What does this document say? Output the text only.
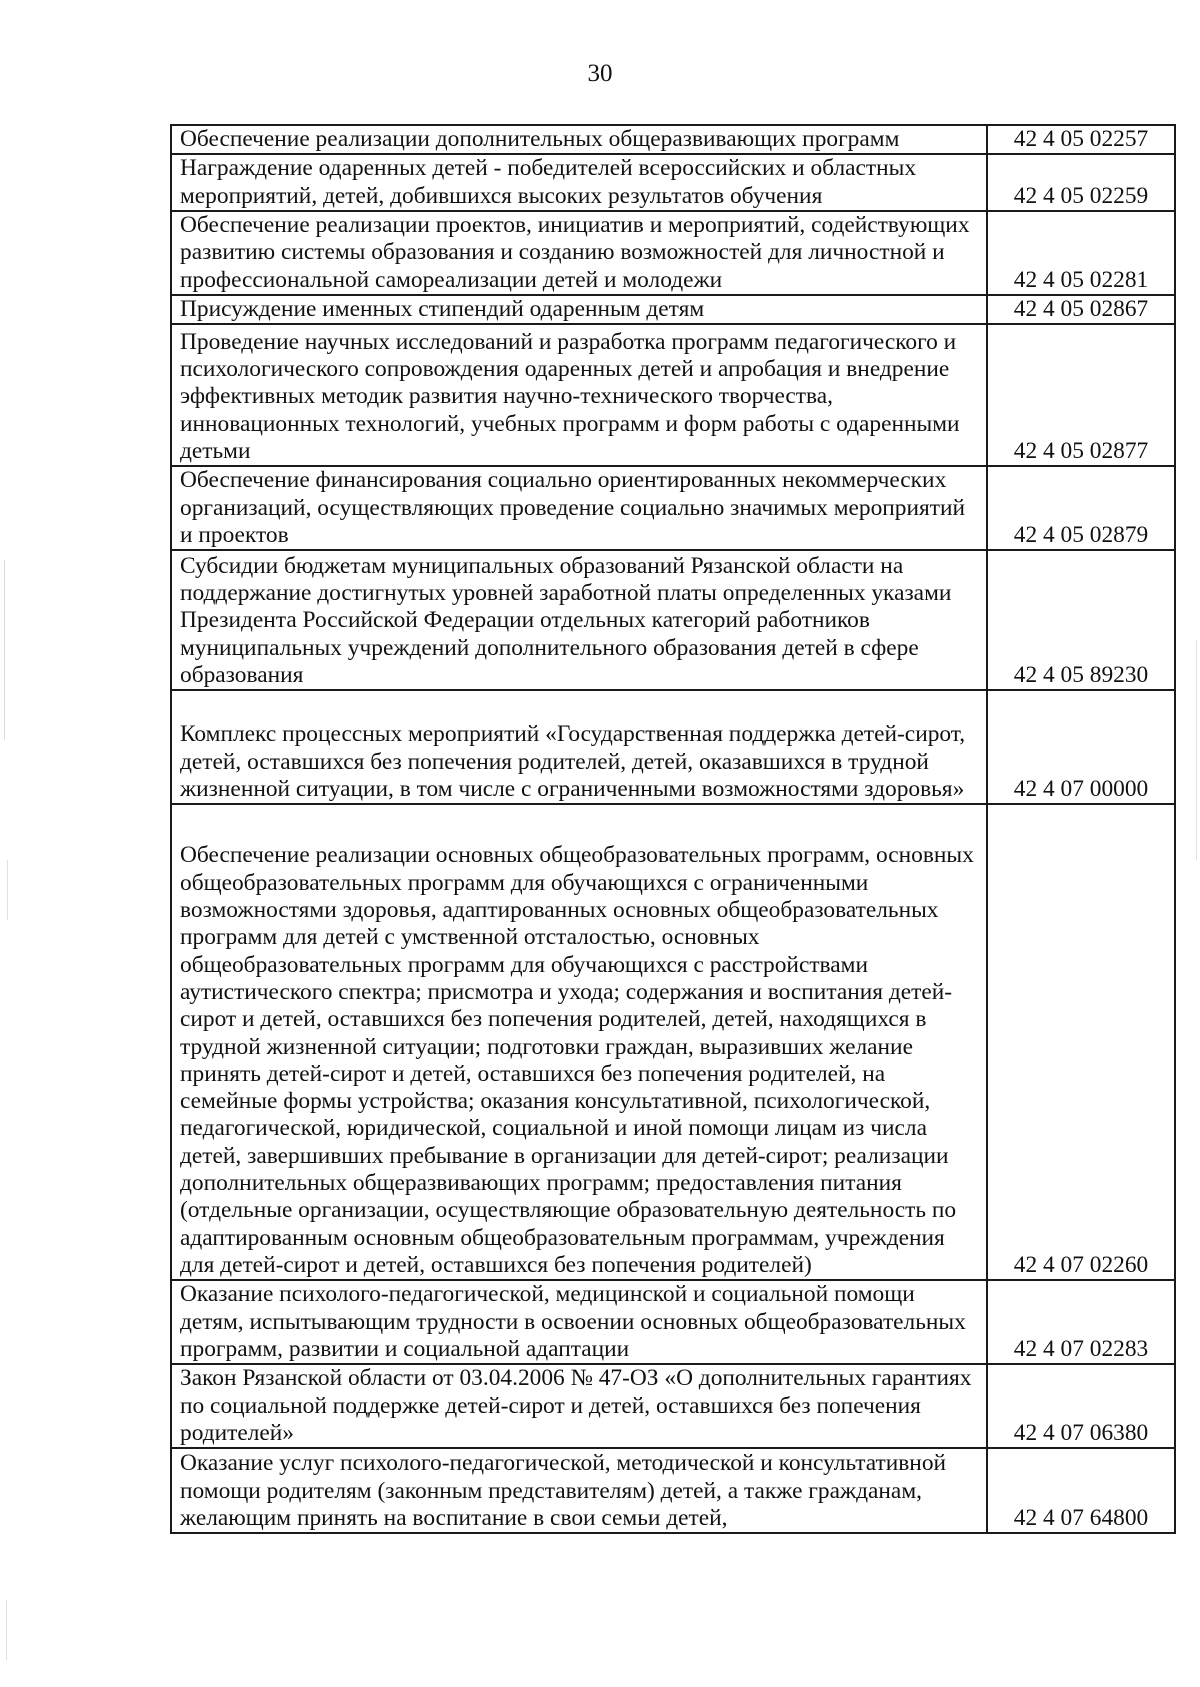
30
Обеспечение реализации дополнительных общеразвивающих программ	42 4 05 02257
Награждение одаренных детей - победителей всероссийских и областных мероприятий, детей, добившихся высоких результатов обучения	42 4 05 02259
Обеспечение реализации проектов, инициатив и мероприятий, содействующих развитию системы образования и созданию возможностей для личностной и профессиональной самореализации детей и молодежи	42 4 05 02281
Присуждение именных стипендий одаренным детям	42 4 05 02867
Проведение научных исследований и разработка программ педагогического и психологического сопровождения одаренных детей и апробация и внедрение эффективных методик развития научно-технического творчества, инновационных технологий, учебных программ и форм работы с одаренными детьми	42 4 05 02877
Обеспечение финансирования социально ориентированных некоммерческих организаций, осуществляющих проведение социально значимых мероприятий и проектов	42 4 05 02879
Субсидии бюджетам муниципальных образований Рязанской области на поддержание достигнутых уровней заработной платы определенных указами Президента Российской Федерации отдельных категорий работников муниципальных учреждений дополнительного образования детей в сфере образования	42 4 05 89230
Комплекс процессных мероприятий «Государственная поддержка детей-сирот, детей, оставшихся без попечения родителей, детей, оказавшихся в трудной жизненной ситуации, в том числе с ограниченными возможностями здоровья»	42 4 07 00000
Обеспечение реализации основных общеобразовательных программ, основных общеобразовательных программ для обучающихся с ограниченными возможностями здоровья, адаптированных основных общеобразовательных программ для детей с умственной отсталостью, основных общеобразовательных программ для обучающихся с расстройствами аутистического спектра; присмотра и ухода; содержания и воспитания детей-сирот и детей, оставшихся без попечения родителей, детей, находящихся в трудной жизненной ситуации; подготовки граждан, выразивших желание принять детей-сирот и детей, оставшихся без попечения родителей, на семейные формы устройства; оказания консультативной, психологической, педагогической, юридической, социальной и иной помощи лицам из числа детей, завершивших пребывание в организации для детей-сирот; реализации дополнительных общеразвивающих программ; предоставления питания (отдельные организации, осуществляющие образовательную деятельность по адаптированным основным общеобразовательным программам, учреждения для детей-сирот и детей, оставшихся без попечения родителей)	42 4 07 02260
Оказание психолого-педагогической, медицинской и социальной помощи детям, испытывающим трудности в освоении основных общеобразовательных программ, развитии и социальной адаптации	42 4 07 02283
Закон Рязанской области от 03.04.2006 № 47-ОЗ «О дополнительных гарантиях по социальной поддержке детей-сирот и детей, оставшихся без попечения родителей»	42 4 07 06380
Оказание услуг психолого-педагогической, методической и консультативной помощи родителям (законным представителям) детей, а также гражданам, желающим принять на воспитание в свои семьи детей,	42 4 07 64800
